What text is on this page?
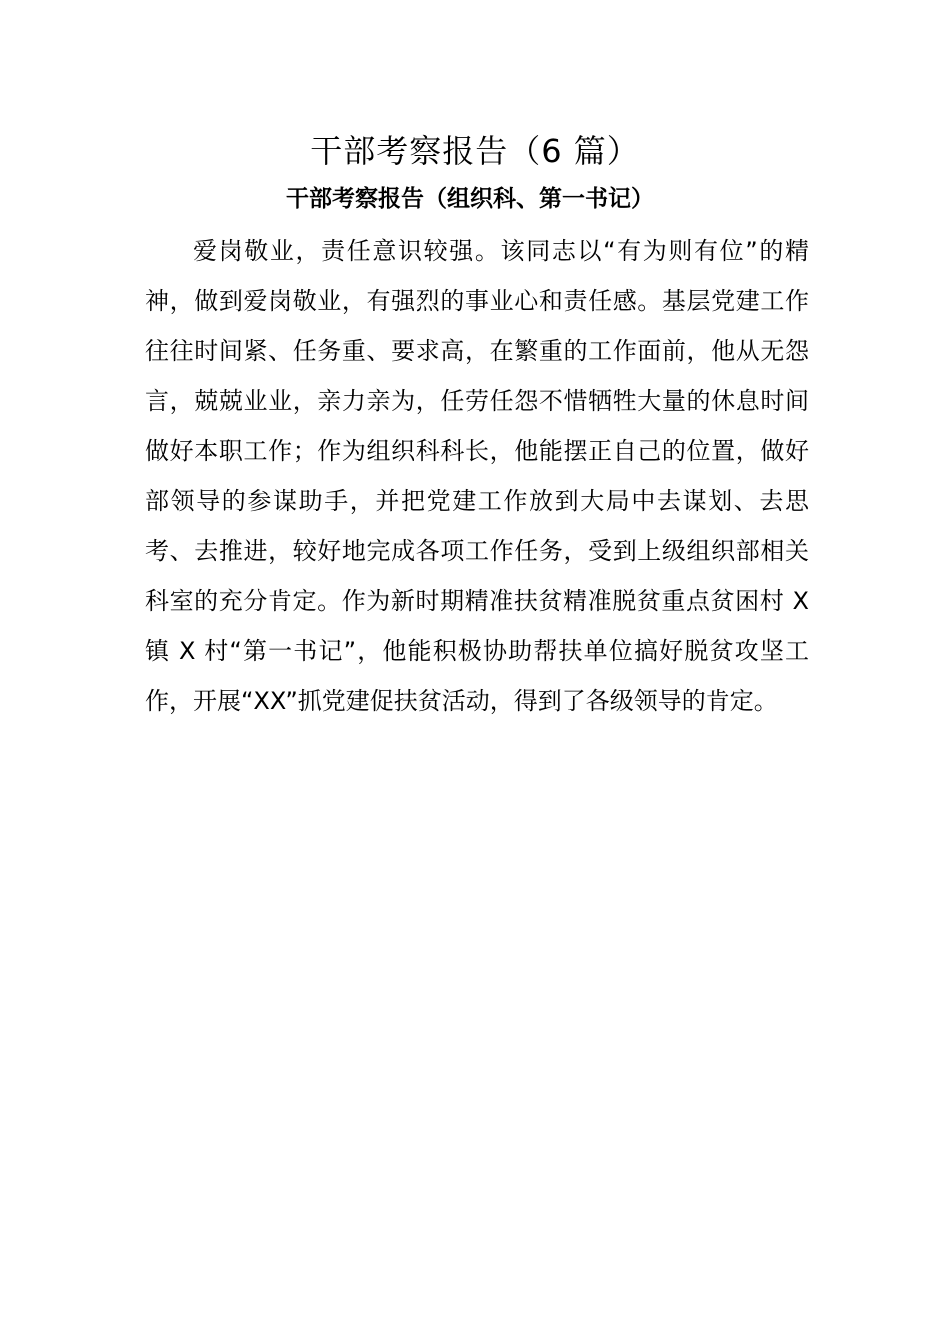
干部考察报告（6 篇）
干部考察报告（组织科、第一书记）

爱岗敬业，责任意识较强。该同志以“有为则有位”的精神，做到爱岗敬业，有强烈的事业心和责任感。基层党建工作往往时间紧、任务重、要求高，在繁重的工作面前，他从无怨言，兢兢业业，亲力亲为，任劳任怨不惜牺牲大量的休息时间做好本职工作；作为组织科科长，他能摆正自己的位置，做好部领导的参谋助手，并把党建工作放到大局中去谋划、去思考、去推进，较好地完成各项工作任务，受到上级组织部相关科室的充分肯定。作为新时期精准扶贫精准脱贫重点贫困村 X 镇 X 村“第一书记”，他能积极协助帮扶单位搞好脱贫攻坚工作，开展“XX”抓党建促扶贫活动，得到了各级领导的肯定。
